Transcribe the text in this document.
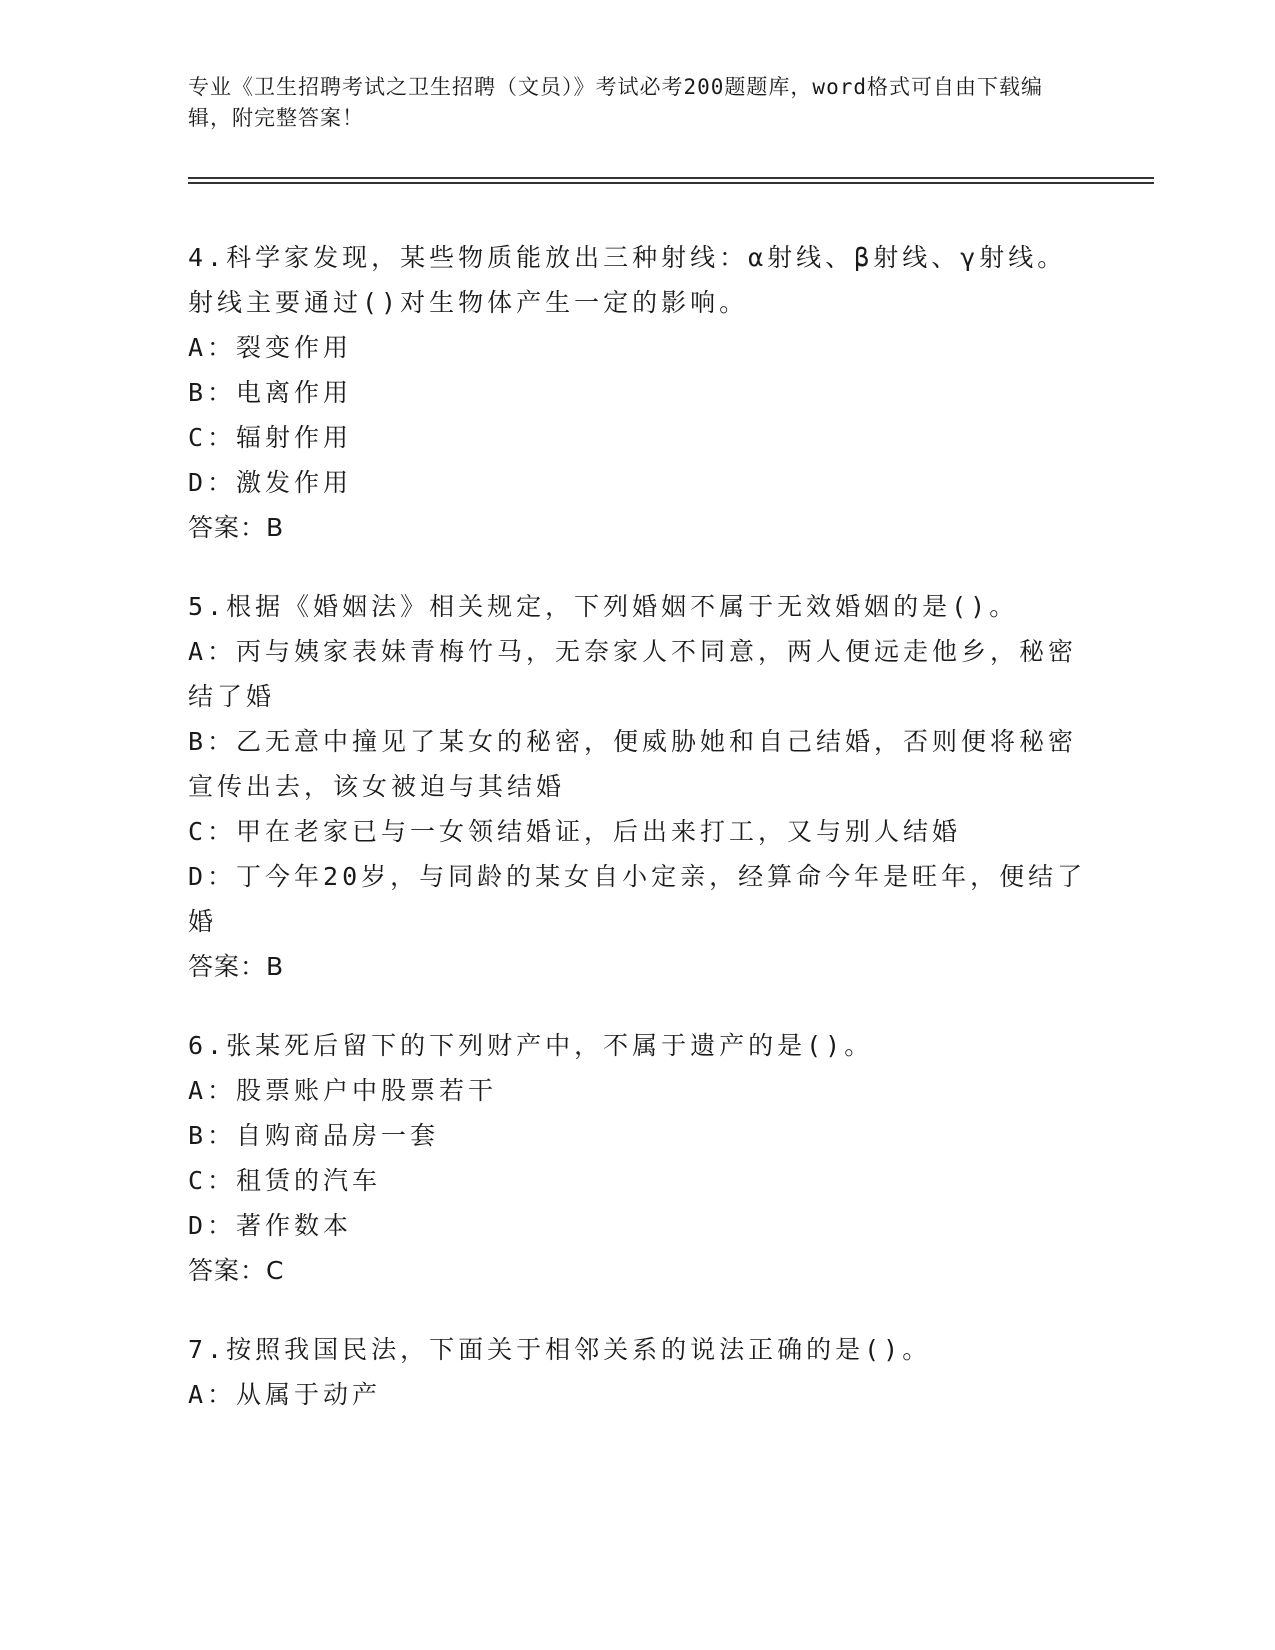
专业《卫生招聘考试之卫生招聘（文员）》考试必考200题题库，word格式可自由下载编辑，附完整答案！
4.科学家发现，某些物质能放出三种射线：α射线、β射线、γ射线。射线主要通过()对生物体产生一定的影响。
A：裂变作用
B：电离作用
C：辐射作用
D：激发作用
答案：B
5.根据《婚姻法》相关规定，下列婚姻不属于无效婚姻的是()。
A：丙与姨家表妹青梅竹马，无奈家人不同意，两人便远走他乡，秘密结了婚
B：乙无意中撞见了某女的秘密，便威胁她和自己结婚，否则便将秘密宣传出去，该女被迫与其结婚
C：甲在老家已与一女领结婚证，后出来打工，又与别人结婚
D：丁今年20岁，与同龄的某女自小定亲，经算命今年是旺年，便结了婚
答案：B
6.张某死后留下的下列财产中，不属于遗产的是()。
A：股票账户中股票若干
B：自购商品房一套
C：租赁的汽车
D：著作数本
答案：C
7.按照我国民法，下面关于相邻关系的说法正确的是()。
A：从属于动产
